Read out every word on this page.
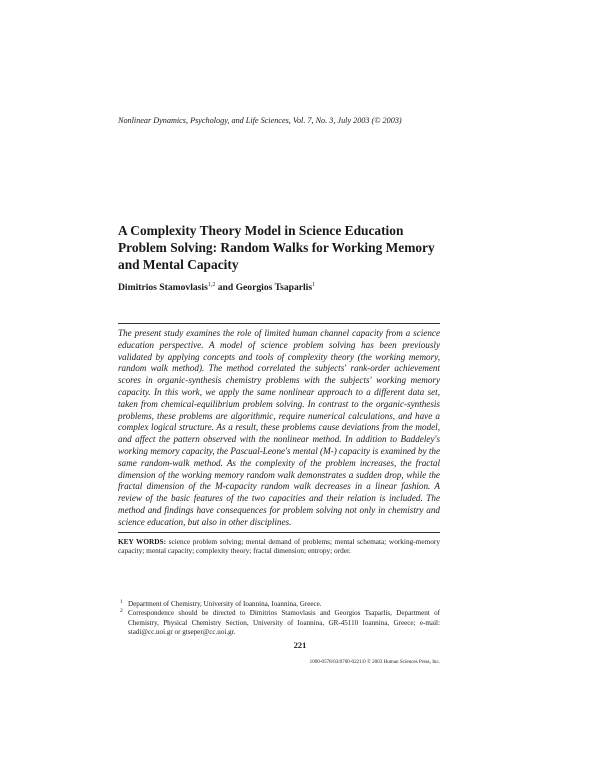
Nonlinear Dynamics, Psychology, and Life Sciences, Vol. 7, No. 3, July 2003 (© 2003)
A Complexity Theory Model in Science Education Problem Solving: Random Walks for Working Memory and Mental Capacity
Dimitrios Stamovlasis$^{1,2}$ and Georgios Tsaparlis$^1$
The present study examines the role of limited human channel capacity from a science education perspective. A model of science problem solving has been previously validated by applying concepts and tools of complexity theory (the working memory, random walk method). The method correlated the subjects' rank-order achievement scores in organic-synthesis chemistry problems with the subjects' working memory capacity. In this work, we apply the same nonlinear approach to a different data set, taken from chemical-equilibrium problem solving. In contrast to the organic-synthesis problems, these problems are algorithmic, require numerical calculations, and have a complex logical structure. As a result, these problems cause deviations from the model, and affect the pattern observed with the nonlinear method. In addition to Baddeley's working memory capacity, the Pascual-Leone's mental (M-) capacity is examined by the same random-walk method. As the complexity of the problem increases, the fractal dimension of the working memory random walk demonstrates a sudden drop, while the fractal dimension of the M-capacity random walk decreases in a linear fashion. A review of the basic features of the two capacities and their relation is included. The method and findings have consequences for problem solving not only in chemistry and science education, but also in other disciplines.
KEY WORDS: science problem solving; mental demand of problems; mental schemata; working-memory capacity; mental capacity; complexity theory; fractal dimension; entropy; order.
1 Department of Chemistry, University of Ioannina, Ioannina, Greece.
2 Correspondence should be directed to Dimitrios Stamovlasis and Georgios Tsaparlis, Department of Chemistry, Physical Chemistry Section, University of Ioannina, GR-45110 Ioannina, Greece; e-mail: stadi@cc.uoi.gr or gtseper@cc.uoi.gr.
221
1090-0578/03/0700-0221/0 © 2003 Human Sciences Press, Inc.
